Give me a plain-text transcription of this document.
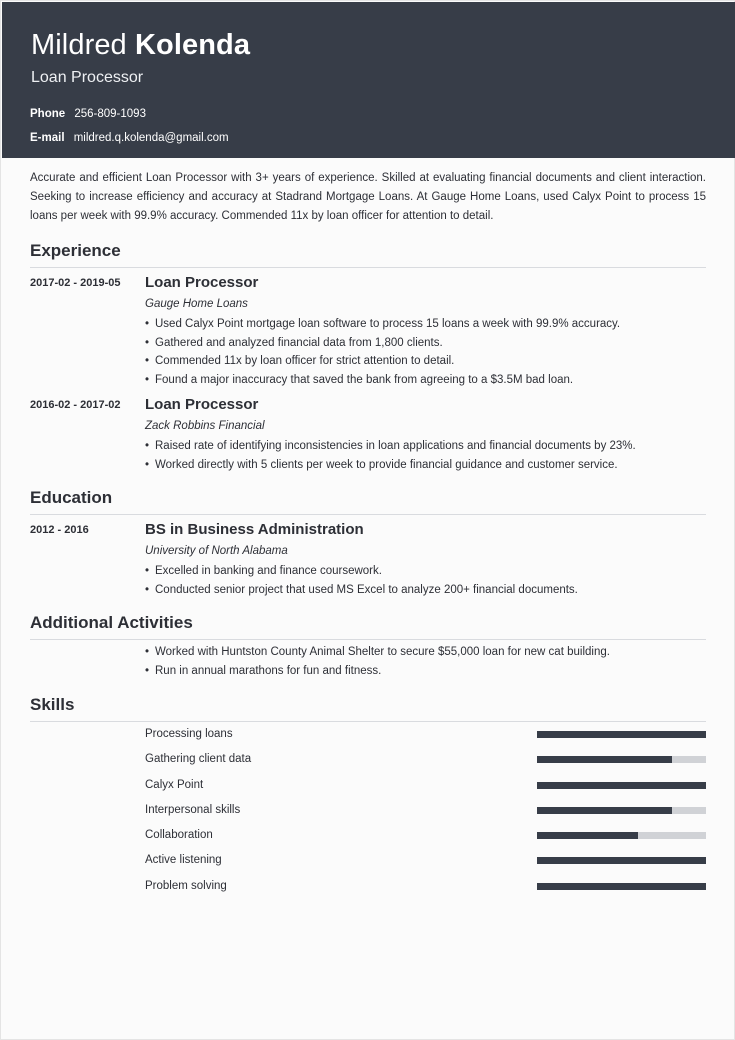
Mildred Kolenda
Loan Processor
Phone 256-809-1093
E-mail mildred.q.kolenda@gmail.com
Accurate and efficient Loan Processor with 3+ years of experience. Skilled at evaluating financial documents and client interaction. Seeking to increase efficiency and accuracy at Stadrand Mortgage Loans. At Gauge Home Loans, used Calyx Point to process 15 loans per week with 99.9% accuracy. Commended 11x by loan officer for attention to detail.
Experience
2017-02 - 2019-05	Loan Processor
Gauge Home Loans
• Used Calyx Point mortgage loan software to process 15 loans a week with 99.9% accuracy.
• Gathered and analyzed financial data from 1,800 clients.
• Commended 11x by loan officer for strict attention to detail.
• Found a major inaccuracy that saved the bank from agreeing to a $3.5M bad loan.
2016-02 - 2017-02	Loan Processor
Zack Robbins Financial
• Raised rate of identifying inconsistencies in loan applications and financial documents by 23%.
• Worked directly with 5 clients per week to provide financial guidance and customer service.
Education
2012 - 2016	BS in Business Administration
University of North Alabama
• Excelled in banking and finance coursework.
• Conducted senior project that used MS Excel to analyze 200+ financial documents.
Additional Activities
• Worked with Huntston County Animal Shelter to secure $55,000 loan for new cat building.
• Run in annual marathons for fun and fitness.
Skills
Processing loans
Gathering client data
Calyx Point
Interpersonal skills
Collaboration
Active listening
Problem solving
